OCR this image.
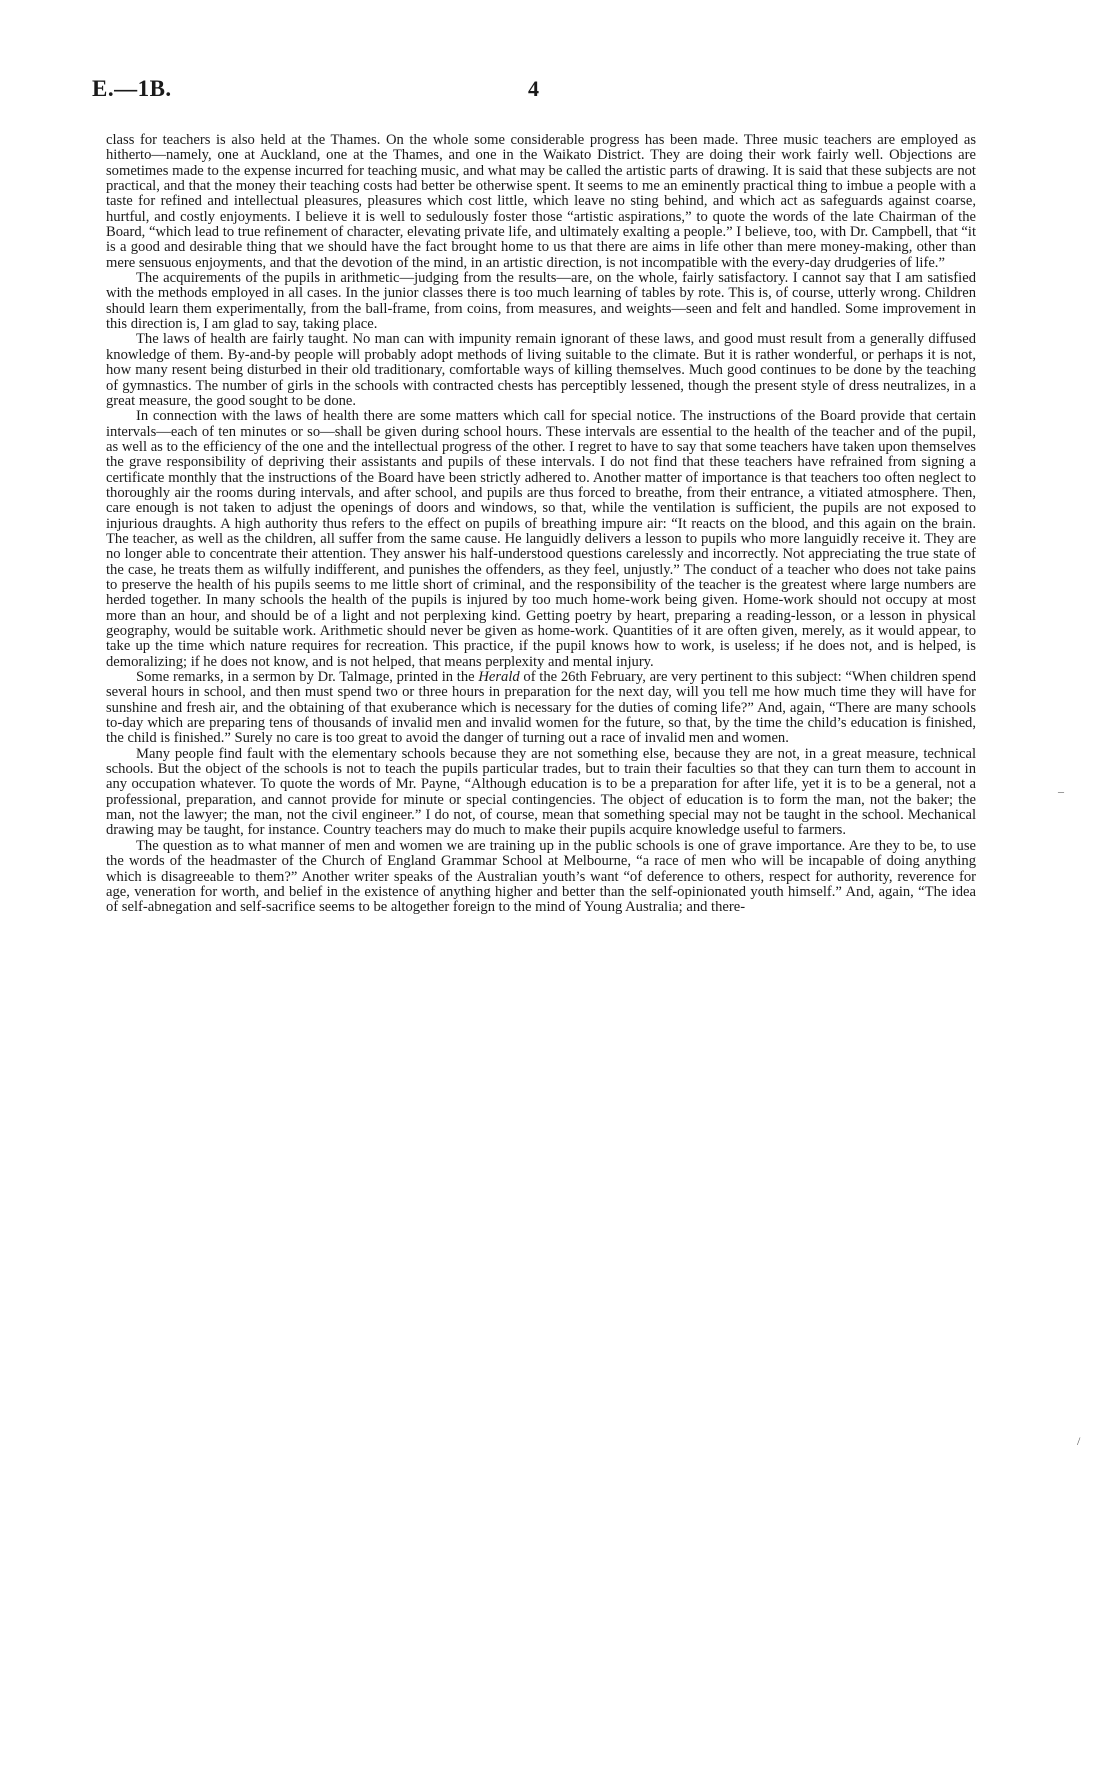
E.—1B.	4

class for teachers is also held at the Thames. On the whole some considerable progress has been made. Three music teachers are employed as hitherto—namely, one at Auckland, one at the Thames, and one in the Waikato District. They are doing their work fairly well. Objections are sometimes made to the expense incurred for teaching music, and what may be called the artistic parts of drawing. It is said that these subjects are not practical, and that the money their teaching costs had better be otherwise spent. It seems to me an eminently practical thing to imbue a people with a taste for refined and intellectual pleasures, pleasures which cost little, which leave no sting behind, and which act as safeguards against coarse, hurtful, and costly enjoyments. I believe it is well to sedulously foster those “artistic aspirations,” to quote the words of the late Chairman of the Board, “which lead to true refinement of character, elevating private life, and ultimately exalting a people.” I believe, too, with Dr. Campbell, that “it is a good and desirable thing that we should have the fact brought home to us that there are aims in life other than mere money-making, other than mere sensuous enjoyments, and that the devotion of the mind, in an artistic direction, is not incompatible with the every-day drudgeries of life.”

The acquirements of the pupils in arithmetic—judging from the results—are, on the whole, fairly satisfactory. I cannot say that I am satisfied with the methods employed in all cases. In the junior classes there is too much learning of tables by rote. This is, of course, utterly wrong. Children should learn them experimentally, from the ball-frame, from coins, from measures, and weights—seen and felt and handled. Some improvement in this direction is, I am glad to say, taking place.

The laws of health are fairly taught. No man can with impunity remain ignorant of these laws, and good must result from a generally diffused knowledge of them. By-and-by people will probably adopt methods of living suitable to the climate. But it is rather wonderful, or perhaps it is not, how many resent being disturbed in their old traditionary, comfortable ways of killing themselves. Much good continues to be done by the teaching of gymnastics. The number of girls in the schools with contracted chests has perceptibly lessened, though the present style of dress neutralizes, in a great measure, the good sought to be done.

In connection with the laws of health there are some matters which call for special notice. The instructions of the Board provide that certain intervals—each of ten minutes or so—shall be given during school hours. These intervals are essential to the health of the teacher and of the pupil, as well as to the efficiency of the one and the intellectual progress of the other. I regret to have to say that some teachers have taken upon themselves the grave responsibility of depriving their assistants and pupils of these intervals. I do not find that these teachers have refrained from signing a certificate monthly that the instructions of the Board have been strictly adhered to. Another matter of importance is that teachers too often neglect to thoroughly air the rooms during intervals, and after school, and pupils are thus forced to breathe, from their entrance, a vitiated atmosphere. Then, care enough is not taken to adjust the openings of doors and windows, so that, while the ventilation is sufficient, the pupils are not exposed to injurious draughts. A high authority thus refers to the effect on pupils of breathing impure air: “It reacts on the blood, and this again on the brain. The teacher, as well as the children, all suffer from the same cause. He languidly delivers a lesson to pupils who more languidly receive it. They are no longer able to concentrate their attention. They answer his half-understood questions carelessly and incorrectly. Not appreciating the true state of the case, he treats them as wilfully indifferent, and punishes the offenders, as they feel, unjustly.” The conduct of a teacher who does not take pains to preserve the health of his pupils seems to me little short of criminal, and the responsibility of the teacher is the greatest where large numbers are herded together. In many schools the health of the pupils is injured by too much home-work being given. Home-work should not occupy at most more than an hour, and should be of a light and not perplexing kind. Getting poetry by heart, preparing a reading-lesson, or a lesson in physical geography, would be suitable work. Arithmetic should never be given as home-work. Quantities of it are often given, merely, as it would appear, to take up the time which nature requires for recreation. This practice, if the pupil knows how to work, is useless; if he does not, and is helped, is demoralizing; if he does not know, and is not helped, that means perplexity and mental injury.

Some remarks, in a sermon by Dr. Talmage, printed in the Herald of the 26th February, are very pertinent to this subject: “When children spend several hours in school, and then must spend two or three hours in preparation for the next day, will you tell me how much time they will have for sunshine and fresh air, and the obtaining of that exuberance which is necessary for the duties of coming life?” And, again, “There are many schools to-day which are preparing tens of thousands of invalid men and invalid women for the future, so that, by the time the child’s education is finished, the child is finished.” Surely no care is too great to avoid the danger of turning out a race of invalid men and women.

Many people find fault with the elementary schools because they are not something else, because they are not, in a great measure, technical schools. But the object of the schools is not to teach the pupils particular trades, but to train their faculties so that they can turn them to account in any occupation whatever. To quote the words of Mr. Payne, “Although education is to be a preparation for after life, yet it is to be a general, not a professional, preparation, and cannot provide for minute or special contingencies. The object of education is to form the man, not the baker; the man, not the lawyer; the man, not the civil engineer.” I do not, of course, mean that something special may not be taught in the school. Mechanical drawing may be taught, for instance. Country teachers may do much to make their pupils acquire knowledge useful to farmers.

The question as to what manner of men and women we are training up in the public schools is one of grave importance. Are they to be, to use the words of the headmaster of the Church of England Grammar School at Melbourne, “a race of men who will be incapable of doing anything which is disagreeable to them?” Another writer speaks of the Australian youth’s want “of deference to others, respect for authority, reverence for age, veneration for worth, and belief in the existence of anything higher and better than the self-opinionated youth himself.” And, again, “The idea of self-abnegation and self-sacrifice seems to be altogether foreign to the mind of Young Australia; and there-

–
/
